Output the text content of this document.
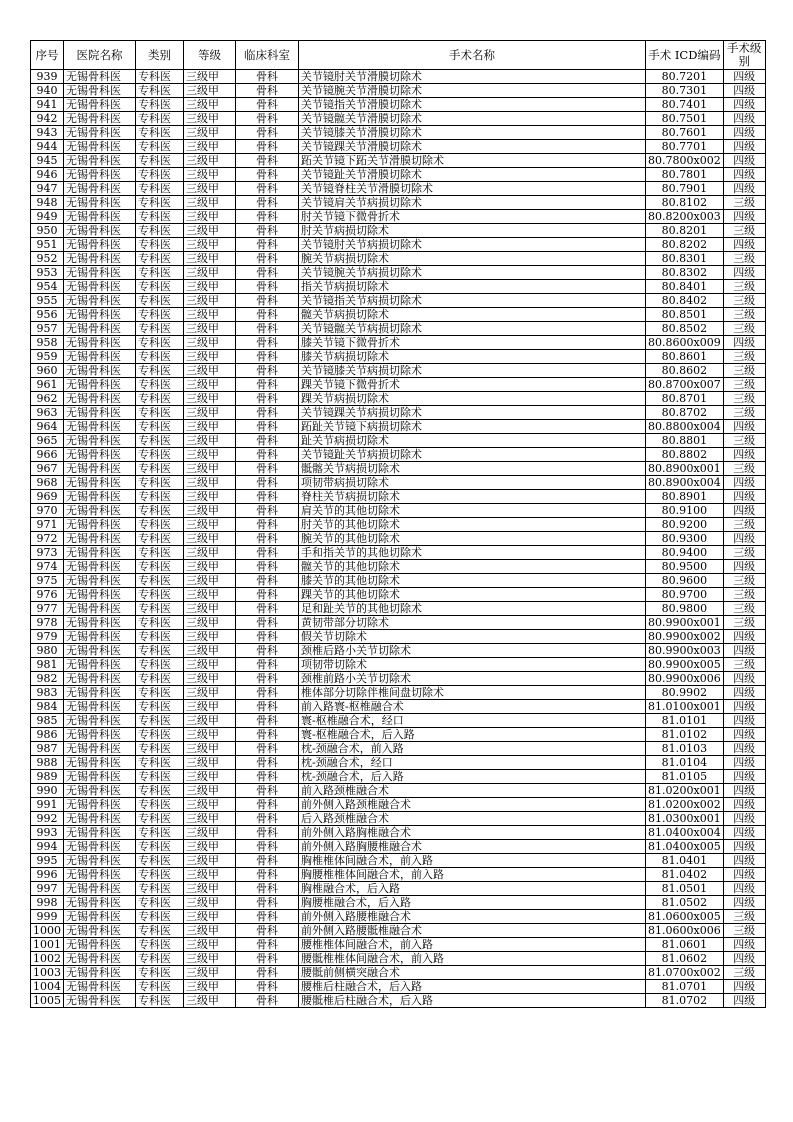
序号	医院名称	类别	等级	临床科室	手术名称	手术 ICD编码	手术级别
939	无锡骨科医	专科医	三级甲	骨科	关节镜肘关节滑膜切除术	80.7201	四级
940	无锡骨科医	专科医	三级甲	骨科	关节镜腕关节滑膜切除术	80.7301	四级
941	无锡骨科医	专科医	三级甲	骨科	关节镜指关节滑膜切除术	80.7401	四级
942	无锡骨科医	专科医	三级甲	骨科	关节镜髋关节滑膜切除术	80.7501	四级
943	无锡骨科医	专科医	三级甲	骨科	关节镜膝关节滑膜切除术	80.7601	四级
944	无锡骨科医	专科医	三级甲	骨科	关节镜踝关节滑膜切除术	80.7701	四级
945	无锡骨科医	专科医	三级甲	骨科	跖关节镜下跖关节滑膜切除术	80.7800x002	四级
946	无锡骨科医	专科医	三级甲	骨科	关节镜趾关节滑膜切除术	80.7801	四级
947	无锡骨科医	专科医	三级甲	骨科	关节镜脊柱关节滑膜切除术	80.7901	四级
948	无锡骨科医	专科医	三级甲	骨科	关节镜肩关节病损切除术	80.8102	三级
949	无锡骨科医	专科医	三级甲	骨科	肘关节镜下微骨折术	80.8200x003	四级
950	无锡骨科医	专科医	三级甲	骨科	肘关节病损切除术	80.8201	三级
951	无锡骨科医	专科医	三级甲	骨科	关节镜肘关节病损切除术	80.8202	四级
952	无锡骨科医	专科医	三级甲	骨科	腕关节病损切除术	80.8301	三级
953	无锡骨科医	专科医	三级甲	骨科	关节镜腕关节病损切除术	80.8302	四级
954	无锡骨科医	专科医	三级甲	骨科	指关节病损切除术	80.8401	三级
955	无锡骨科医	专科医	三级甲	骨科	关节镜指关节病损切除术	80.8402	三级
956	无锡骨科医	专科医	三级甲	骨科	髋关节病损切除术	80.8501	三级
957	无锡骨科医	专科医	三级甲	骨科	关节镜髋关节病损切除术	80.8502	三级
958	无锡骨科医	专科医	三级甲	骨科	膝关节镜下微骨折术	80.8600x009	四级
959	无锡骨科医	专科医	三级甲	骨科	膝关节病损切除术	80.8601	三级
960	无锡骨科医	专科医	三级甲	骨科	关节镜膝关节病损切除术	80.8602	三级
961	无锡骨科医	专科医	三级甲	骨科	踝关节镜下微骨折术	80.8700x007	三级
962	无锡骨科医	专科医	三级甲	骨科	踝关节病损切除术	80.8701	三级
963	无锡骨科医	专科医	三级甲	骨科	关节镜踝关节病损切除术	80.8702	三级
964	无锡骨科医	专科医	三级甲	骨科	跖趾关节镜下病损切除术	80.8800x004	四级
965	无锡骨科医	专科医	三级甲	骨科	趾关节病损切除术	80.8801	三级
966	无锡骨科医	专科医	三级甲	骨科	关节镜趾关节病损切除术	80.8802	四级
967	无锡骨科医	专科医	三级甲	骨科	骶髂关节病损切除术	80.8900x001	三级
968	无锡骨科医	专科医	三级甲	骨科	项韧带病损切除术	80.8900x004	四级
969	无锡骨科医	专科医	三级甲	骨科	脊柱关节病损切除术	80.8901	四级
970	无锡骨科医	专科医	三级甲	骨科	肩关节的其他切除术	80.9100	四级
971	无锡骨科医	专科医	三级甲	骨科	肘关节的其他切除术	80.9200	三级
972	无锡骨科医	专科医	三级甲	骨科	腕关节的其他切除术	80.9300	四级
973	无锡骨科医	专科医	三级甲	骨科	手和指关节的其他切除术	80.9400	三级
974	无锡骨科医	专科医	三级甲	骨科	髋关节的其他切除术	80.9500	四级
975	无锡骨科医	专科医	三级甲	骨科	膝关节的其他切除术	80.9600	三级
976	无锡骨科医	专科医	三级甲	骨科	踝关节的其他切除术	80.9700	三级
977	无锡骨科医	专科医	三级甲	骨科	足和趾关节的其他切除术	80.9800	三级
978	无锡骨科医	专科医	三级甲	骨科	黄韧带部分切除术	80.9900x001	三级
979	无锡骨科医	专科医	三级甲	骨科	假关节切除术	80.9900x002	四级
980	无锡骨科医	专科医	三级甲	骨科	颈椎后路小关节切除术	80.9900x003	四级
981	无锡骨科医	专科医	三级甲	骨科	项韧带切除术	80.9900x005	三级
982	无锡骨科医	专科医	三级甲	骨科	颈椎前路小关节切除术	80.9900x006	四级
983	无锡骨科医	专科医	三级甲	骨科	椎体部分切除伴椎间盘切除术	80.9902	四级
984	无锡骨科医	专科医	三级甲	骨科	前入路寰-枢椎融合术	81.0100x001	四级
985	无锡骨科医	专科医	三级甲	骨科	寰-枢椎融合术，经口	81.0101	四级
986	无锡骨科医	专科医	三级甲	骨科	寰-枢椎融合术，后入路	81.0102	四级
987	无锡骨科医	专科医	三级甲	骨科	枕-颈融合术，前入路	81.0103	四级
988	无锡骨科医	专科医	三级甲	骨科	枕-颈融合术，经口	81.0104	四级
989	无锡骨科医	专科医	三级甲	骨科	枕-颈融合术，后入路	81.0105	四级
990	无锡骨科医	专科医	三级甲	骨科	前入路颈椎融合术	81.0200x001	四级
991	无锡骨科医	专科医	三级甲	骨科	前外侧入路颈椎融合术	81.0200x002	四级
992	无锡骨科医	专科医	三级甲	骨科	后入路颈椎融合术	81.0300x001	四级
993	无锡骨科医	专科医	三级甲	骨科	前外侧入路胸椎融合术	81.0400x004	四级
994	无锡骨科医	专科医	三级甲	骨科	前外侧入路胸腰椎融合术	81.0400x005	四级
995	无锡骨科医	专科医	三级甲	骨科	胸椎椎体间融合术，前入路	81.0401	四级
996	无锡骨科医	专科医	三级甲	骨科	胸腰椎椎体间融合术，前入路	81.0402	四级
997	无锡骨科医	专科医	三级甲	骨科	胸椎融合术，后入路	81.0501	四级
998	无锡骨科医	专科医	三级甲	骨科	胸腰椎融合术，后入路	81.0502	四级
999	无锡骨科医	专科医	三级甲	骨科	前外侧入路腰椎融合术	81.0600x005	三级
1000	无锡骨科医	专科医	三级甲	骨科	前外侧入路腰骶椎融合术	81.0600x006	三级
1001	无锡骨科医	专科医	三级甲	骨科	腰椎椎体间融合术，前入路	81.0601	四级
1002	无锡骨科医	专科医	三级甲	骨科	腰骶椎椎体间融合术，前入路	81.0602	四级
1003	无锡骨科医	专科医	三级甲	骨科	腰骶前侧横突融合术	81.0700x002	三级
1004	无锡骨科医	专科医	三级甲	骨科	腰椎后柱融合术，后入路	81.0701	四级
1005	无锡骨科医	专科医	三级甲	骨科	腰骶椎后柱融合术，后入路	81.0702	四级
